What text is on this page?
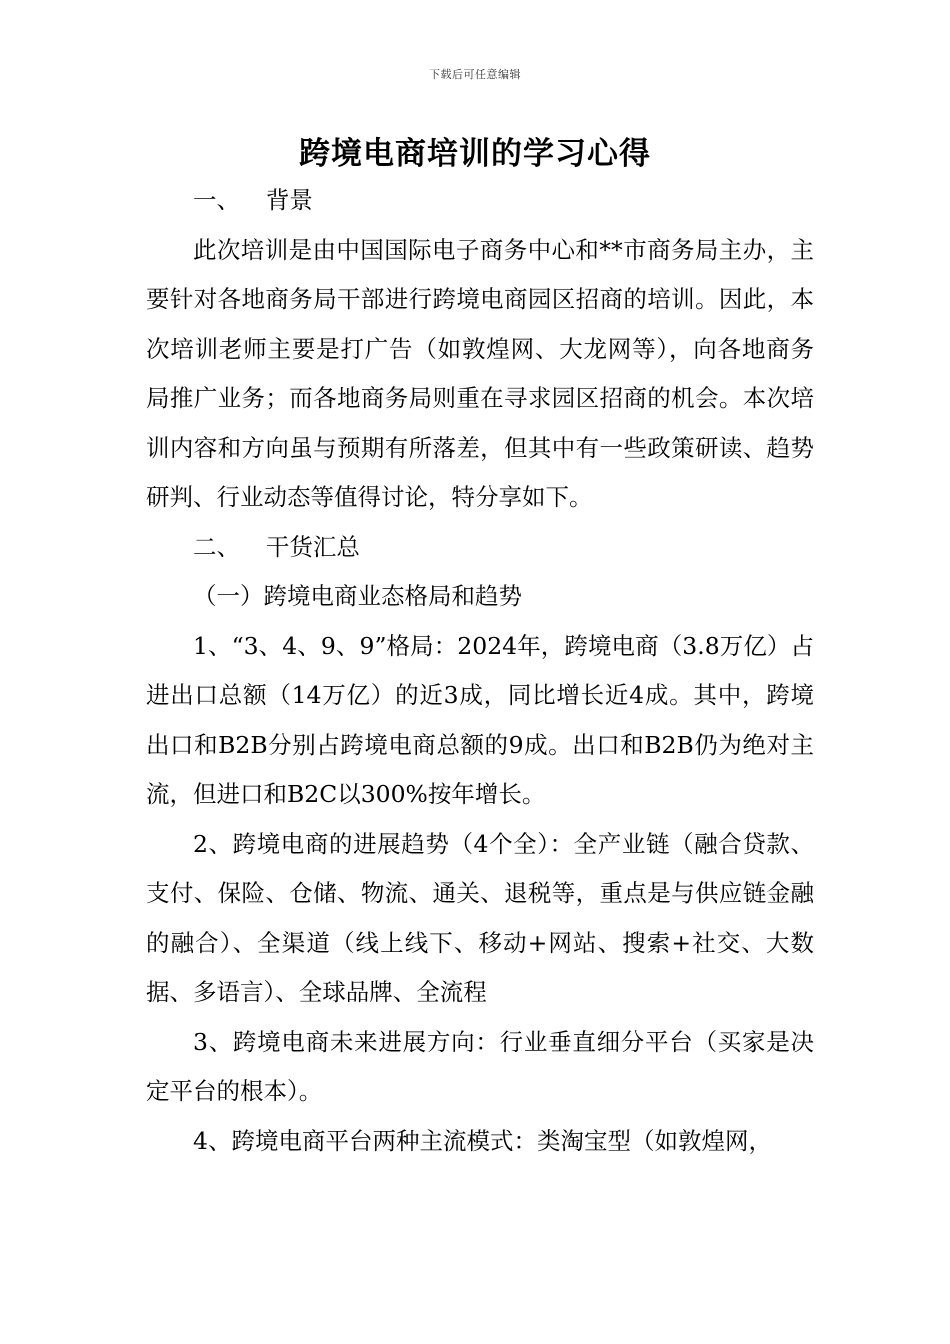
下载后可任意编辑
跨境电商培训的学习心得

一、 背景

此次培训是由中国国际电子商务中心和**市商务局主办，主要针对各地商务局干部进行跨境电商园区招商的培训。因此，本次培训老师主要是打广告（如敦煌网、大龙网等），向各地商务局推广业务；而各地商务局则重在寻求园区招商的机会。本次培训内容和方向虽与预期有所落差，但其中有一些政策研读、趋势研判、行业动态等值得讨论，特分享如下。

二、 干货汇总

（一）跨境电商业态格局和趋势

1、“3、4、9、9”格局：2024年，跨境电商（3.8万亿）占进出口总额（14万亿）的近3成，同比增长近4成。其中，跨境出口和B2B分别占跨境电商总额的9成。出口和B2B仍为绝对主流，但进口和B2C以300%按年增长。

2、跨境电商的进展趋势（4个全）：全产业链（融合贷款、支付、保险、仓储、物流、通关、退税等，重点是与供应链金融的融合）、全渠道（线上线下、移动+网站、搜索+社交、大数据、多语言）、全球品牌、全流程

3、跨境电商未来进展方向：行业垂直细分平台（买家是决定平台的根本）。

4、跨境电商平台两种主流模式：类淘宝型（如敦煌网，
